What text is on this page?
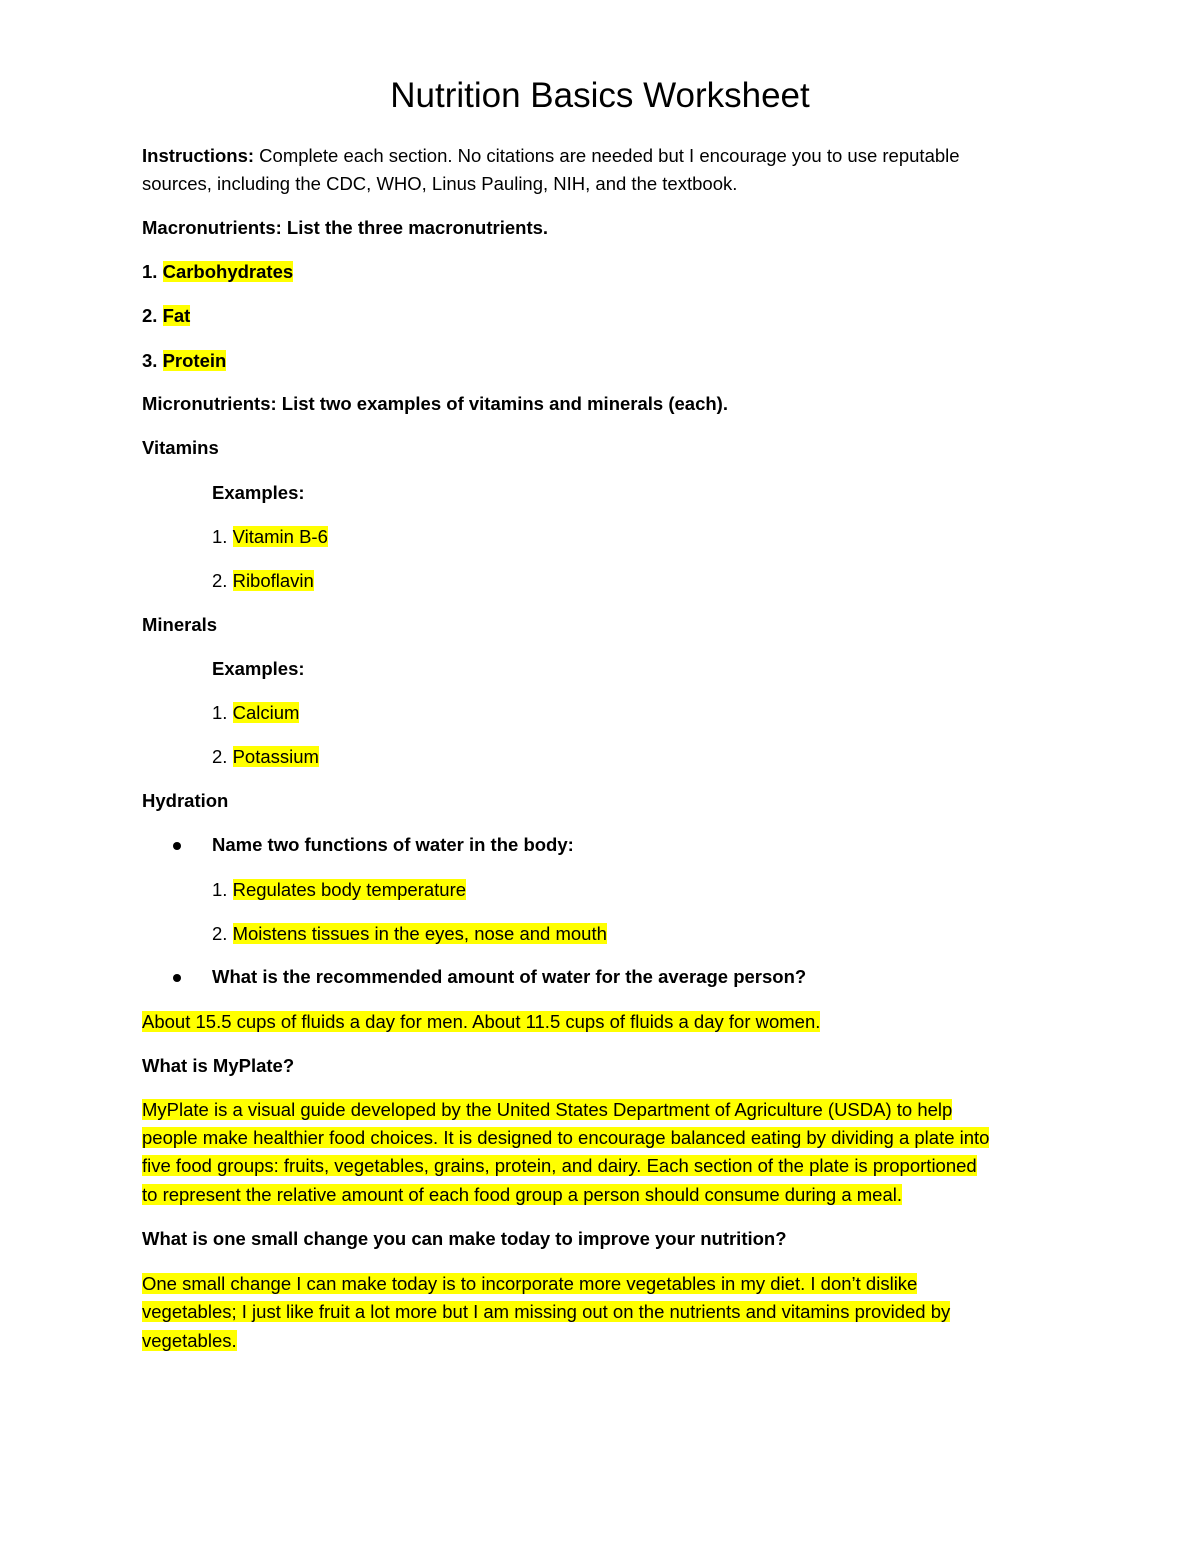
Nutrition Basics Worksheet
Instructions: Complete each section. No citations are needed but I encourage you to use reputable
sources, including the CDC, WHO, Linus Pauling, NIH, and the textbook.
Macronutrients: List the three macronutrients.
1. Carbohydrates
2. Fat
3. Protein
Micronutrients: List two examples of vitamins and minerals (each).
Vitamins
Examples:
1. Vitamin B-6
2. Riboflavin
Minerals
Examples:
1. Calcium
2. Potassium
Hydration
Name two functions of water in the body:
1. Regulates body temperature
2. Moistens tissues in the eyes, nose and mouth
What is the recommended amount of water for the average person?
About 15.5 cups of fluids a day for men. About 11.5 cups of fluids a day for women.
What is MyPlate?
MyPlate is a visual guide developed by the United States Department of Agriculture (USDA) to help
people make healthier food choices. It is designed to encourage balanced eating by dividing a plate into
five food groups: fruits, vegetables, grains, protein, and dairy. Each section of the plate is proportioned
to represent the relative amount of each food group a person should consume during a meal.
What is one small change you can make today to improve your nutrition?
One small change I can make today is to incorporate more vegetables in my diet. I don’t dislike
vegetables; I just like fruit a lot more but I am missing out on the nutrients and vitamins provided by
vegetables.
